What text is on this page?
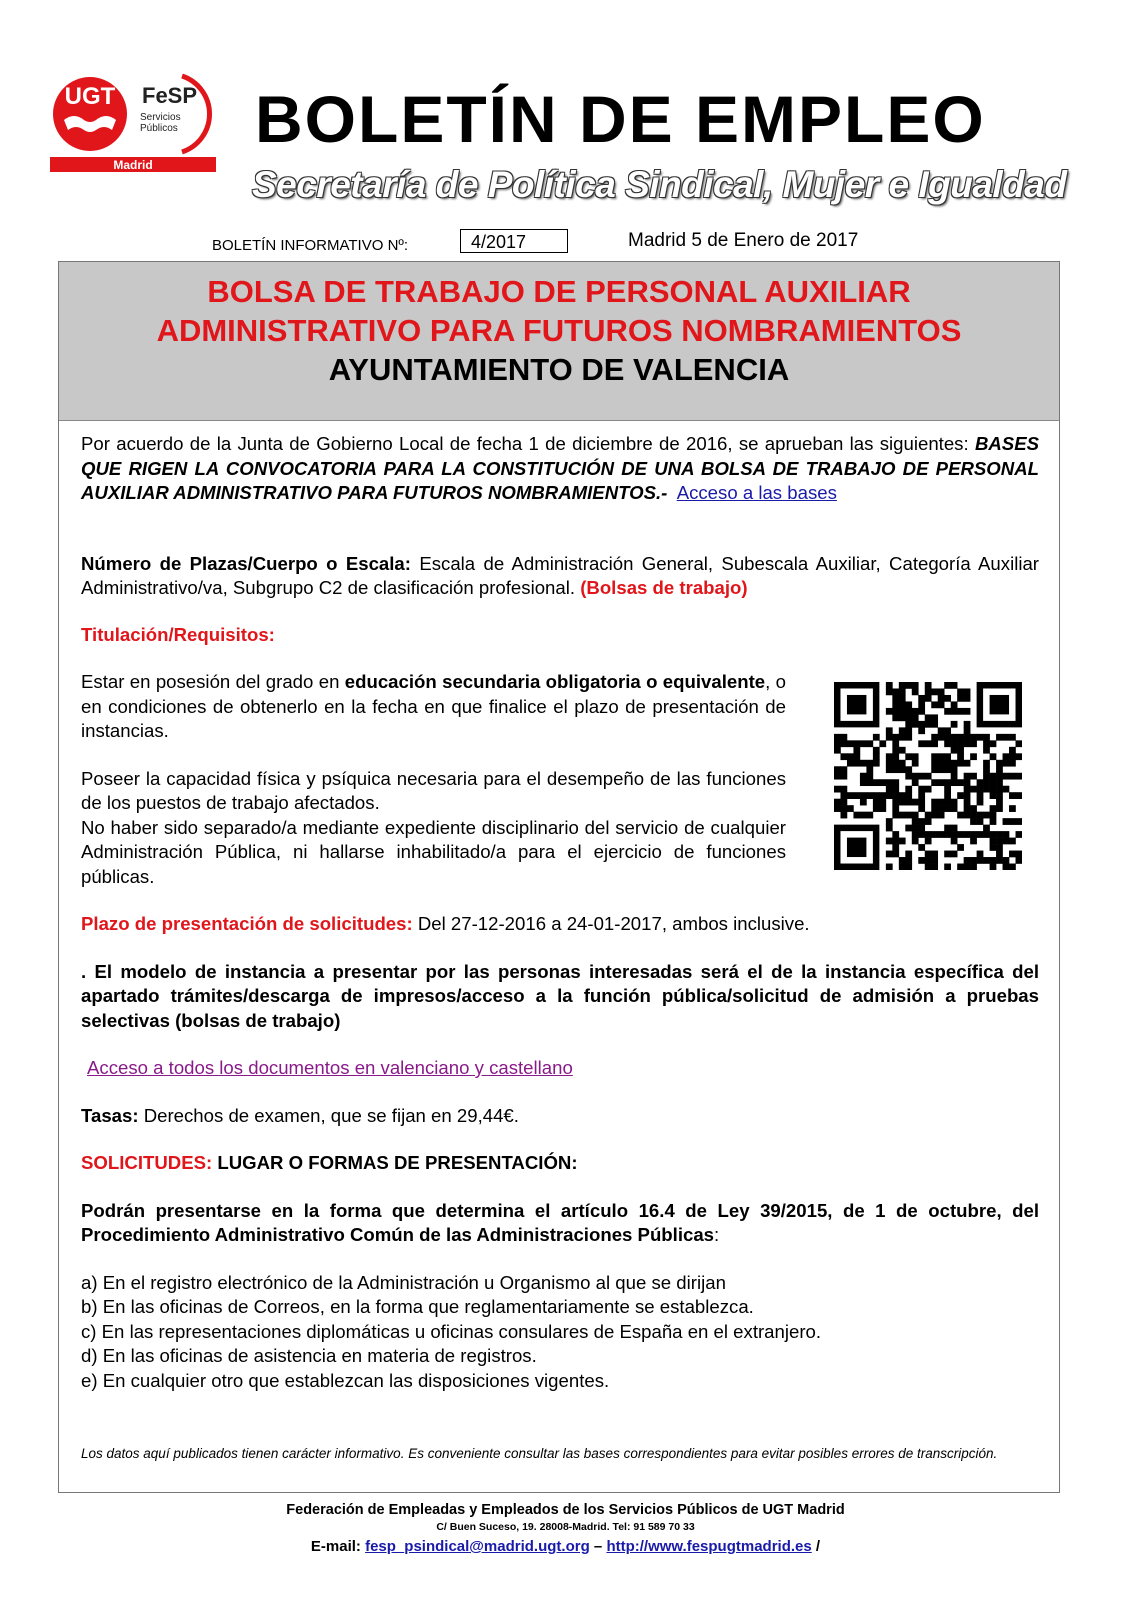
UGT FeSP
Servicios
Públicos
Madrid
BOLETÍN DE EMPLEO
Secretaría de Política Sindical, Mujer e Igualdad
BOLETÍN INFORMATIVO Nº:	4/2017	Madrid 5 de Enero de 2017
BOLSA DE TRABAJO DE PERSONAL AUXILIAR
ADMINISTRATIVO PARA FUTUROS NOMBRAMIENTOS
AYUNTAMIENTO DE VALENCIA

Por acuerdo de la Junta de Gobierno Local de fecha 1 de diciembre de 2016, se aprueban las siguientes: BASES QUE RIGEN LA CONVOCATORIA PARA LA CONSTITUCIÓN DE UNA BOLSA DE TRABAJO DE PERSONAL AUXILIAR ADMINISTRATIVO PARA FUTUROS NOMBRAMIENTOS.- Acceso a las bases

Número de Plazas/Cuerpo o Escala: Escala de Administración General, Subescala Auxiliar, Categoría Auxiliar Administrativo/va, Subgrupo C2 de clasificación profesional. (Bolsas de trabajo)

Titulación/Requisitos:

Estar en posesión del grado en educación secundaria obligatoria o equivalente, o en condiciones de obtenerlo en la fecha en que finalice el plazo de presentación de instancias.

Poseer la capacidad física y psíquica necesaria para el desempeño de las funciones de los puestos de trabajo afectados.

No haber sido separado/a mediante expediente disciplinario del servicio de cualquier Administración Pública, ni hallarse inhabilitado/a para el ejercicio de funciones públicas.

Plazo de presentación de solicitudes: Del 27-12-2016 a 24-01-2017, ambos inclusive.

. El modelo de instancia a presentar por las personas interesadas será el de la instancia específica del apartado trámites/descarga de impresos/acceso a la función pública/solicitud de admisión a pruebas selectivas (bolsas de trabajo)

Acceso a todos los documentos en valenciano y castellano

Tasas: Derechos de examen, que se fijan en 29,44€.

SOLICITUDES: LUGAR O FORMAS DE PRESENTACIÓN:

Podrán presentarse en la forma que determina el artículo 16.4 de Ley 39/2015, de 1 de octubre, del Procedimiento Administrativo Común de las Administraciones Públicas:

a) En el registro electrónico de la Administración u Organismo al que se dirijan
b) En las oficinas de Correos, en la forma que reglamentariamente se establezca.
c) En las representaciones diplomáticas u oficinas consulares de España en el extranjero.
d) En las oficinas de asistencia en materia de registros.
e) En cualquier otro que establezcan las disposiciones vigentes.
Los datos aquí publicados tienen carácter informativo. Es conveniente consultar las bases correspondientes para evitar posibles errores de transcripción.
Federación de Empleadas y Empleados de los Servicios Públicos de UGT Madrid
C/ Buen Suceso, 19. 28008-Madrid. Tel: 91 589 70 33
E-mail: fesp_psindical@madrid.ugt.org – http://www.fespugtmadrid.es /
